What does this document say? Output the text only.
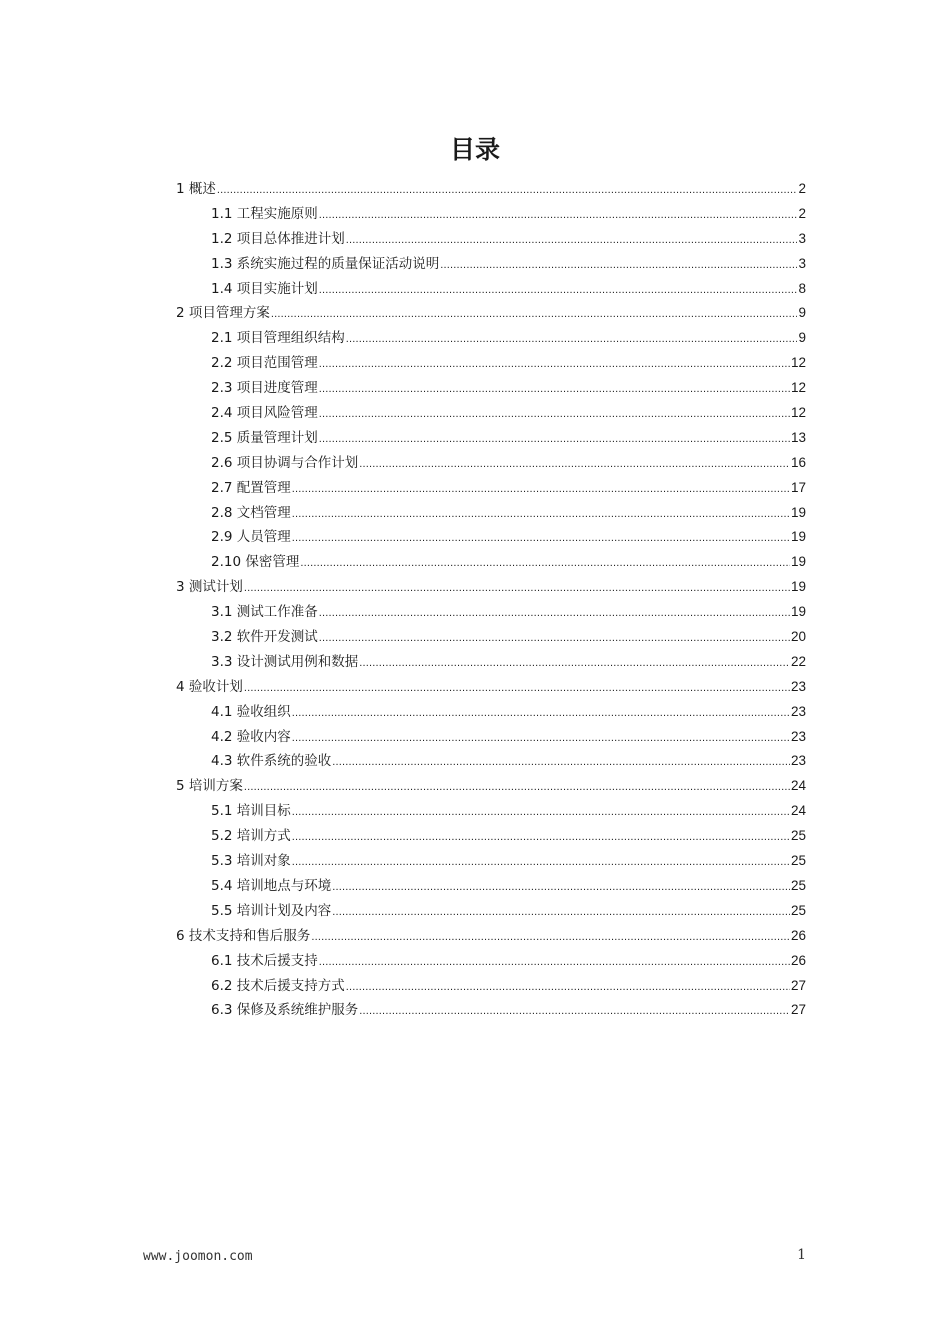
目录
1 概述 .....	2
1.1 工程实施原则 .....	2
1.2 项目总体推进计划 .....	3
1.3 系统实施过程的质量保证活动说明 .....	3
1.4 项目实施计划 .....	8
2 项目管理方案 .....	9
2.1 项目管理组织结构 .....	9
2.2 项目范围管理 .....	12
2.3 项目进度管理 .....	12
2.4 项目风险管理 .....	12
2.5 质量管理计划 .....	13
2.6 项目协调与合作计划 .....	16
2.7 配置管理 .....	17
2.8 文档管理 .....	19
2.9 人员管理 .....	19
2.10 保密管理 .....	19
3 测试计划 .....	19
3.1 测试工作准备 .....	19
3.2 软件开发测试 .....	20
3.3 设计测试用例和数据 .....	22
4 验收计划 .....	23
4.1 验收组织 .....	23
4.2 验收内容 .....	23
4.3 软件系统的验收 .....	23
5 培训方案 .....	24
5.1 培训目标 .....	24
5.2 培训方式 .....	25
5.3 培训对象 .....	25
5.4 培训地点与环境 .....	25
5.5 培训计划及内容 .....	25
6 技术支持和售后服务 .....	26
6.1 技术后援支持 .....	26
6.2 技术后援支持方式 .....	27
6.3 保修及系统维护服务 .....	27
www.joomon.com	1
